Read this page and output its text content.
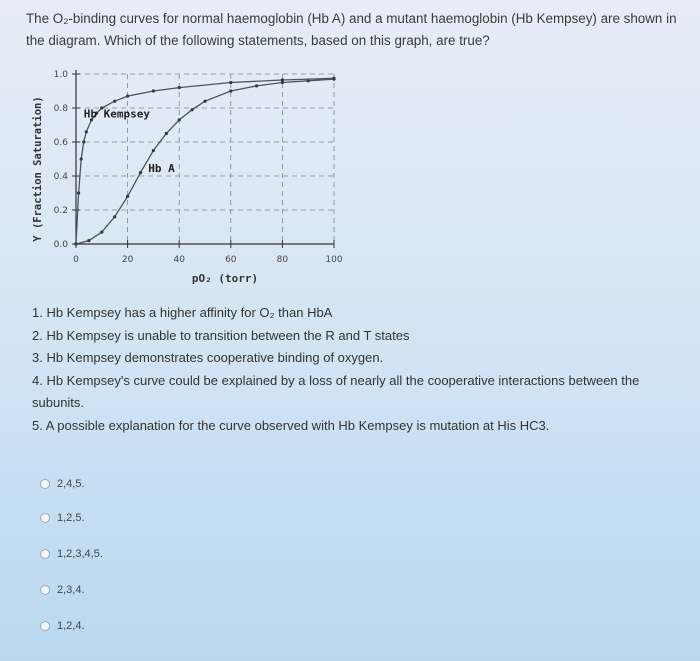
The O₂-binding curves for normal haemoglobin (Hb A) and a mutant haemoglobin (Hb Kempsey) are shown in the diagram. Which of the following statements, based on this graph, are true?
0.0
0.2
0.4
0.6
0.8
1.0
0	20	40	60	80	100
pO₂ (torr)
Y (Fraction Saturation)	Hb Kempsey
Hb A
1. Hb Kempsey has a higher affinity for O₂ than HbA
2. Hb Kempsey is unable to transition between the R and T states
3. Hb Kempsey demonstrates cooperative binding of oxygen.
4. Hb Kempsey's curve could be explained by a loss of nearly all the cooperative interactions between the subunits.
5. A possible explanation for the curve observed with Hb Kempsey is mutation at His HC3.
2,4,5.
1,2,5.
1,2,3,4,5.
2,3,4.
1,2,4.
